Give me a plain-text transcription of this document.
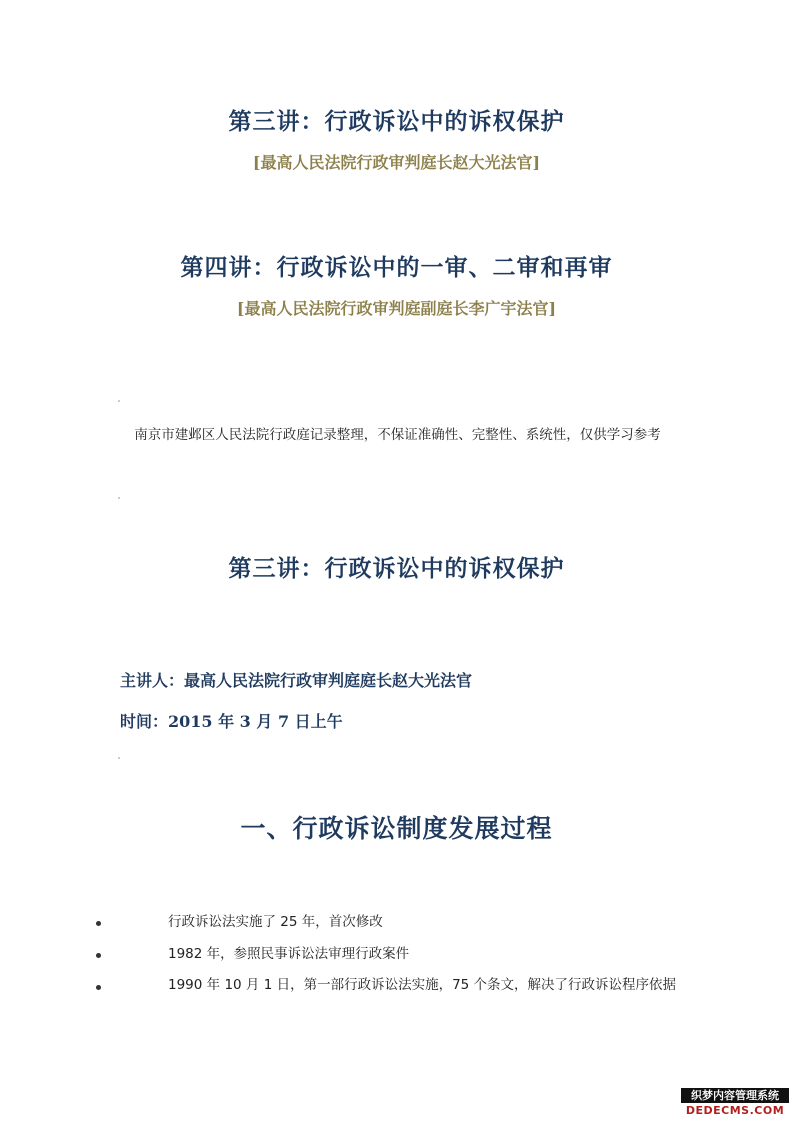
第三讲：行政诉讼中的诉权保护
[最高人民法院行政审判庭长赵大光法官]
第四讲：行政诉讼中的一审、二审和再审
[最高人民法院行政审判庭副庭长李广宇法官]
南京市建邺区人民法院行政庭记录整理，不保证准确性、完整性、系统性，仅供学习参考
第三讲：行政诉讼中的诉权保护
主讲人：最高人民法院行政审判庭庭长赵大光法官
时间：2015 年 3 月 7 日上午
一、行政诉讼制度发展过程
行政诉讼法实施了 25 年，首次修改
1982 年，参照民事诉讼法审理行政案件
1990 年 10 月 1 日，第一部行政诉讼法实施，75 个条文，解决了行政诉讼程序依据
织梦内容管理系统
DEDECMS.COM
